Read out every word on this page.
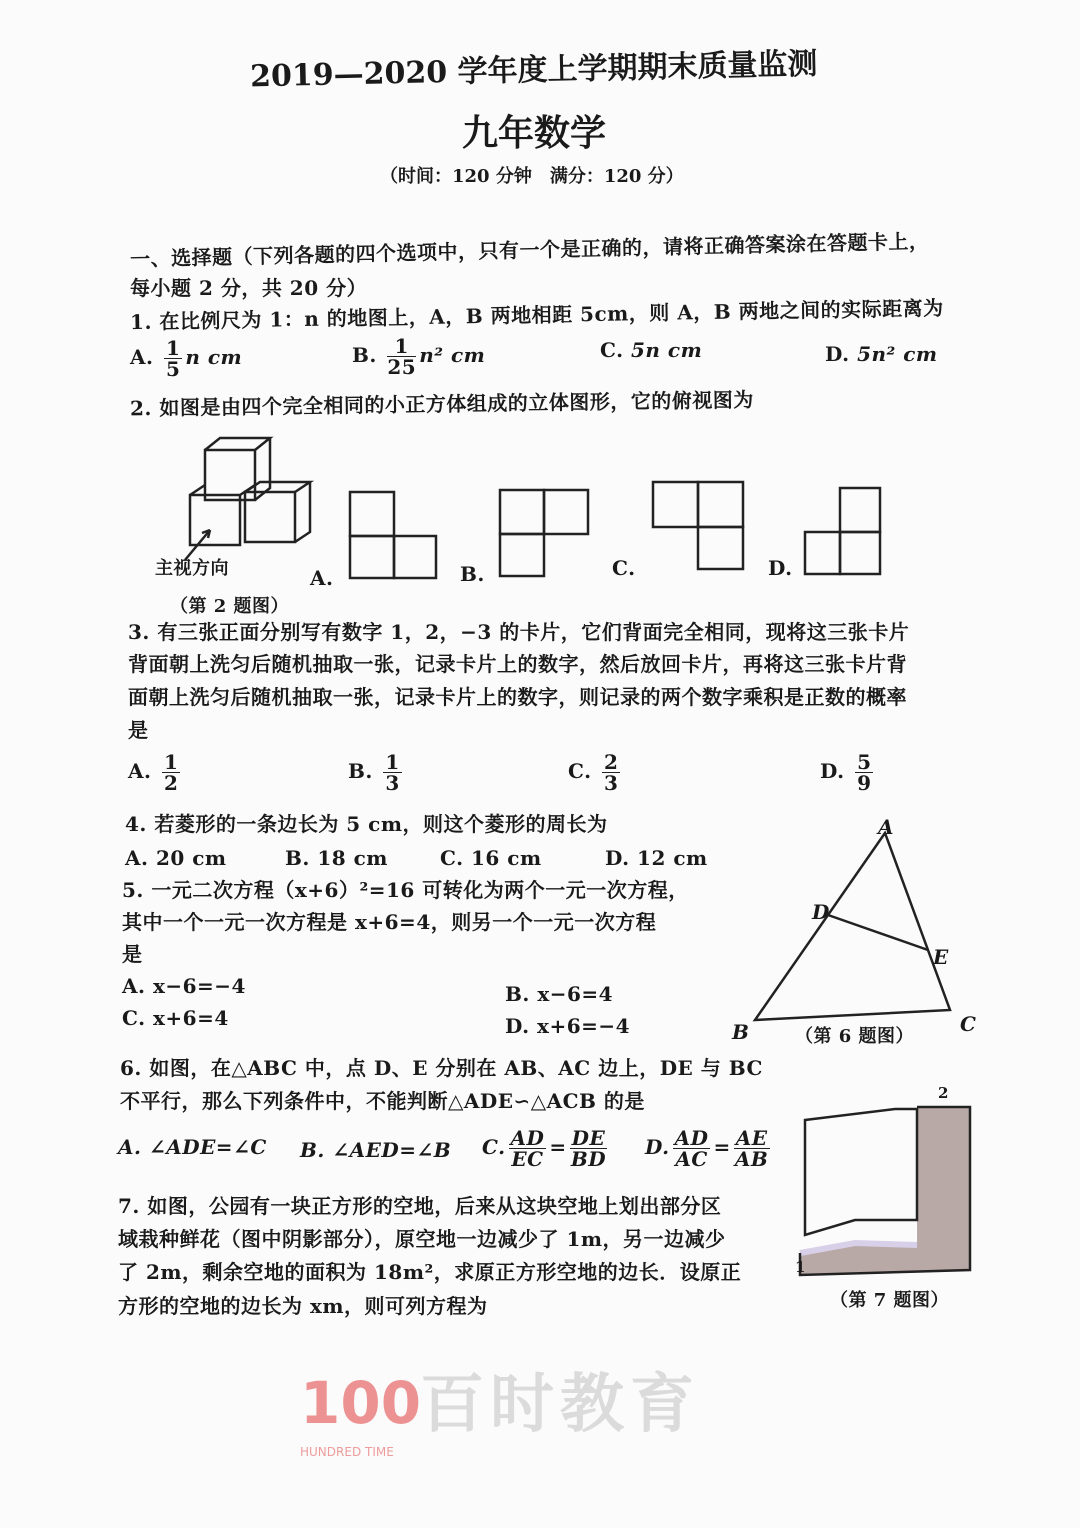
2019—2020 学年度上学期期末质量监测
九年数学
（时间：120 分钟　满分：120 分）
一、选择题（下列各题的四个选项中，只有一个是正确的，请将正确答案涂在答题卡上，
每小题 2 分，共 20 分）
1. 在比例尺为 1：n 的地图上，A，B 两地相距 5cm，则 A，B 两地之间的实际距离为
A. $\frac{1}{5}$ n cm	B. $\frac{1}{25} n^2$ cm	C. 5n cm	D. 5n² cm
2. 如图是由四个完全相同的小正方体组成的立体图形，它的俯视图为
主视方向	A.	B.	C.	D.
（第 2 题图）
3. 有三张正面分别写有数字 1，2，−3 的卡片，它们背面完全相同，现将这三张卡片
背面朝上洗匀后随机抽取一张，记录卡片上的数字，然后放回卡片，再将这三张卡片背
面朝上洗匀后随机抽取一张，记录卡片上的数字，则记录的两个数字乘积是正数的概率
是
A. $\frac{1}{2}$	B. $\frac{1}{3}$	C. $\frac{2}{3}$	D. $\frac{5}{9}$
4. 若菱形的一条边长为 5 cm，则这个菱形的周长为
A. 20 cm	B. 18 cm	C. 16 cm	D. 12 cm
5. 一元二次方程（x+6）²=16 可转化为两个一元一次方程，
其中一个一元一次方程是 x+6=4，则另一个一元一次方程
是
A. x−6=−4	B. x−6=4
C. x+6=4	D. x+6=−4
A
D
E
B	C
（第 6 题图）
6. 如图，在△ABC 中，点 D、E 分别在 AB、AC 边上，DE 与 BC
不平行，那么下列条件中，不能判断△ADE∽△ACB 的是
A. ∠ADE=∠C B. ∠AED=∠B C. $\frac{AD}{EC} = \frac{DE}{BD} D$. $\frac{AD}{AC} = \frac{AE}{AB}$
7. 如图，公园有一块正方形的空地，后来从这块空地上划出部分区
域栽种鲜花（图中阴影部分），原空地一边减少了 1m，另一边减少
了 2m，剩余空地的面积为 18m²，求原正方形空地的边长．设原正
方形的空地的边长为 xm，则可列方程为
2
1
（第 7 题图）
100
百时教育
HUNDRED TIME
